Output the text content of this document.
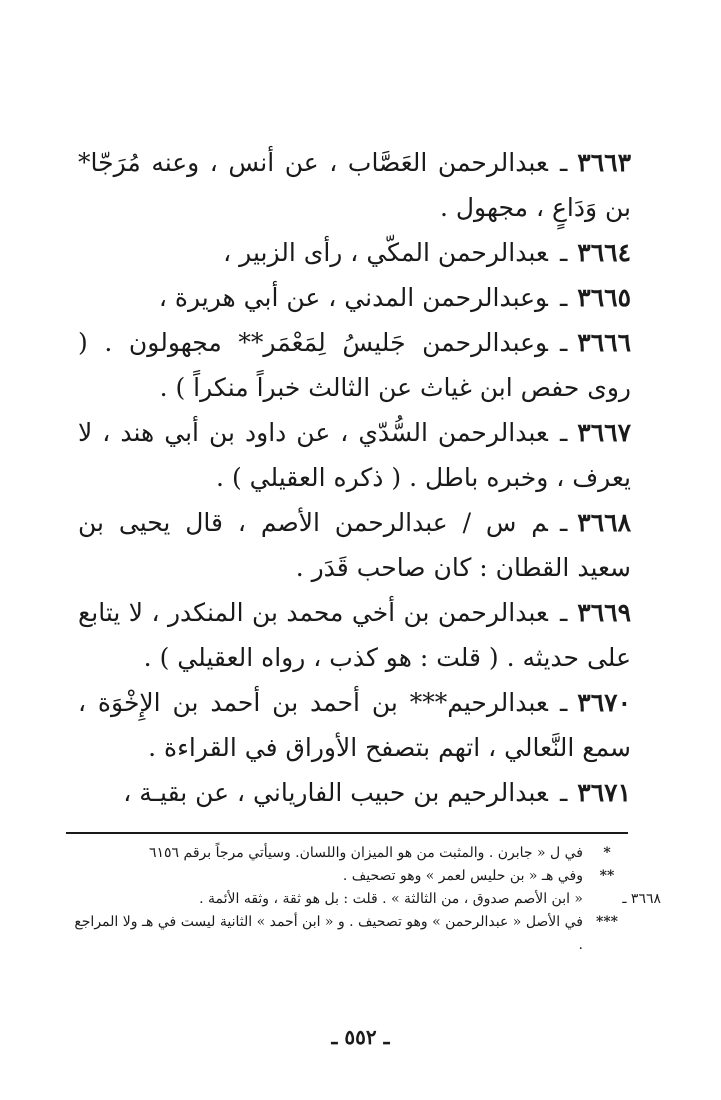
٣٦٦٣ـعبدالرحمن العَصَّاب ، عن أنس ، وعنه مُرَجّا* بن وَدَاعٍ ، مجهول .

٣٦٦٤ـعبدالرحمن المكّي ، رأى الزبير ،

٣٦٦٥ـوعبدالرحمن المدني ، عن أبي هريرة ،

٣٦٦٦ـوعبدالرحمن جَليسُ لِمَعْمَر** مجهولون . ( روى حفص ابن غياث عن الثالث خبراً منكراً ) .

٣٦٦٧ـعبدالرحمن السُّدّي ، عن داود بن أبي هند ، لا يعرف ، وخبره باطل . ( ذكره العقيلي ) .

٣٦٦٨ـم س / عبدالرحمن الأصم ، قال يحيى بن سعيد القطان : كان صاحب قَدَر .

٣٦٦٩ـعبدالرحمن بن أخي محمد بن المنكدر ، لا يتابع على حديثه . ( قلت : هو كذب ، رواه العقيلي ) .

٣٦٧٠ـعبدالرحيم*** بن أحمد بن أحمد بن الإِخْوَة ، سمع النَّعالي ، اتهم بتصفح الأوراق في القراءة .

٣٦٧١ـعبدالرحيم بن حبيب الفارياني ، عن بقيـة ،

*
في ل « جابرن . والمثبت من هو الميزان واللسان. وسيأتي مرجاً برقم ٦١٥٦
**
وفي هـ « بن حليس لعمر » وهو تصحيف .
٣٦٦٨ ـ
« ابن الأصم صدوق ، من الثالثة » . قلت : بل هو ثقة ، وثقه الأئمة .
***
في الأصل « عبدالرحمن » وهو تصحيف . و « ابن أحمد » الثانية ليست في هـ ولا المراجع .
ـ ٥٥٢ ـ
